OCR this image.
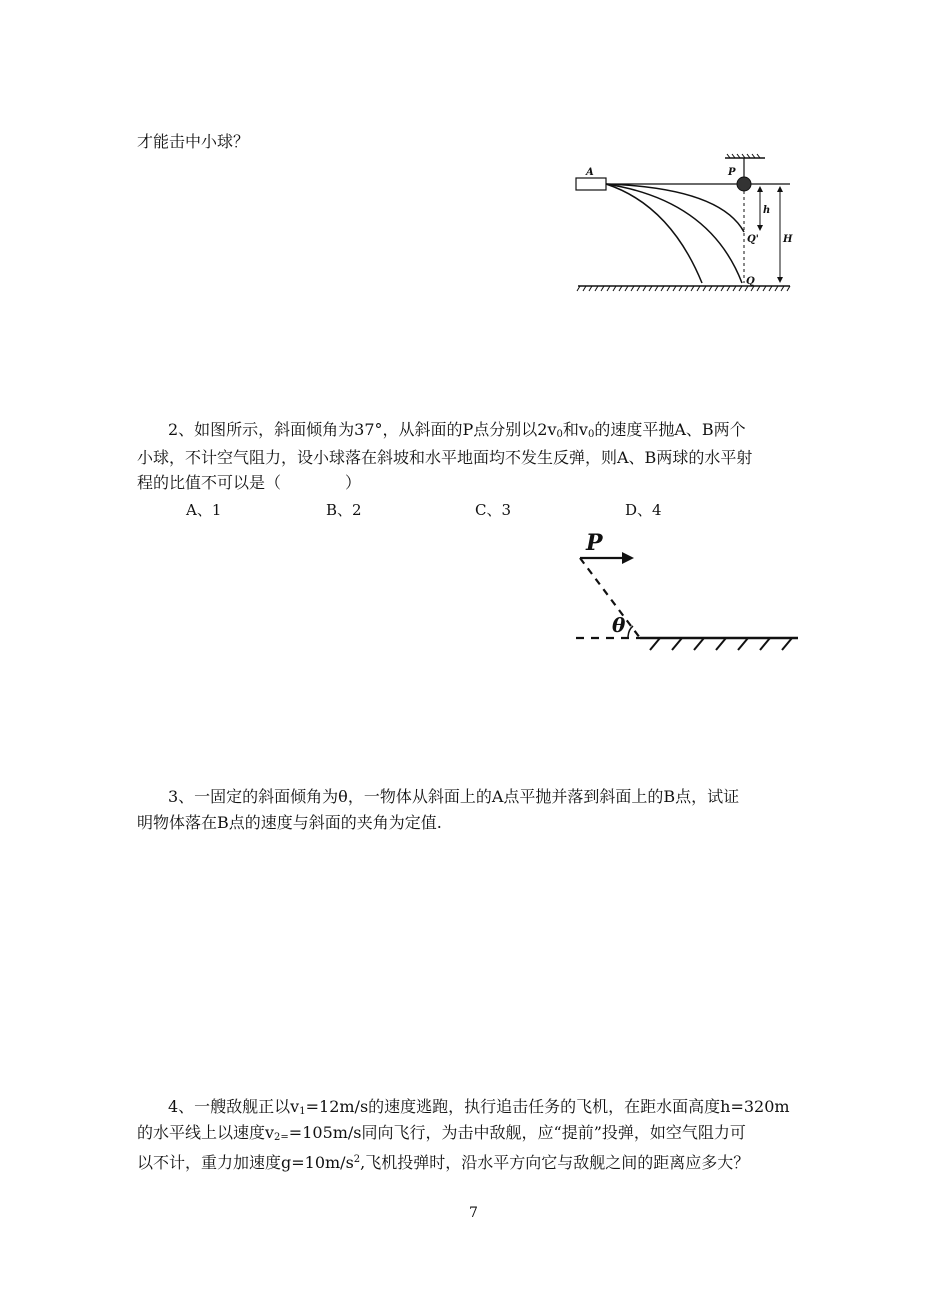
才能击中小球？
A	P
h
Q' H
Q
2、如图所示，斜面倾角为37°，从斜面的P点分别以$2v_0$和$v_0$的速度平抛A、B两个
小球，不计空气阻力，设小球落在斜坡和水平地面均不发生反弹，则A、B两球的水平射
程的比值不可以是（　　　　）
A、1	B、2	C、3	D、4
P
θ
3、一固定的斜面倾角为θ，一物体从斜面上的A点平抛并落到斜面上的B点，试证
明物体落在B点的速度与斜面的夹角为定值.
4、一艘敌舰正以$v_1=12m/s$的速度逃跑，执行追击任务的飞机，在距水面高度h=320m
的水平线上以速度$v_{2=}=105m/s$同向飞行，为击中敌舰，应“提前”投弹，如空气阻力可
以不计，重力加速度$g=10m/s^2$,飞机投弹时，沿水平方向它与敌舰之间的距离应多大？
7
